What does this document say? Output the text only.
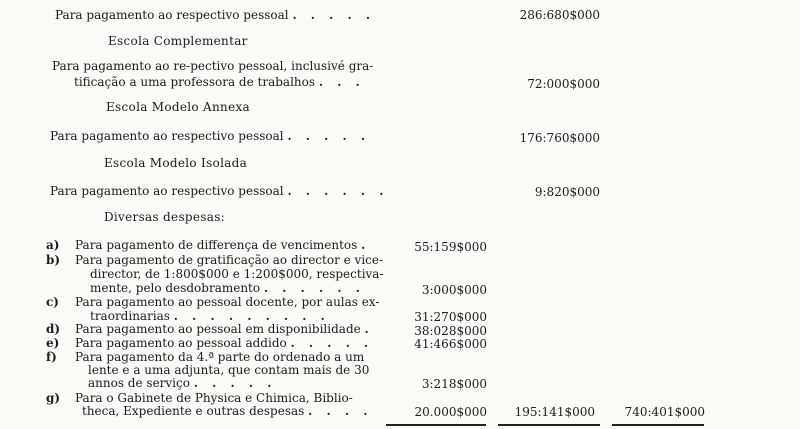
Para pagamento ao respectivo pessoal . . . . .	286:680$000
Escola Complementar
Para pagamento ao re-pectivo pessoal, inclusivé gra-
tificação a uma professora de trabalhos . . .	72:000$000
Escola Modelo Annexa
Para pagamento ao respectivo pessoal . . . . .	176:760$000
Escola Modelo Isolada
Para pagamento ao respectivo pessoal . . . . . .	9:820$000
Diversas despesas:
a) Para pagamento de differença de vencimentos .	55:159$000
b) Para pagamento de gratificação ao director e vice-
director, de 1:800$000 e 1:200$000, respectiva-
mente, pelo desdobramento . . . . . .	3:000$000
c) Para pagamento ao pessoal docente, por aulas ex-
traordinarias . . . . . . . . .	31:270$000
d) Para pagamento ao pessoal em disponibilidade .	38:028$000
e) Para pagamento ao pessoal addido . . . . .	41:466$000
f) Para pagamento da 4.ª parte do ordenado a um
lente e a uma adjunta, que contam mais de 30
annos de serviço . . . . .	3:218$000
g) Para o Gabinete de Physica e Chimica, Biblio-
theca, Expediente e outras despesas . . . .	20.000$000 195:141$000 740:401$000
